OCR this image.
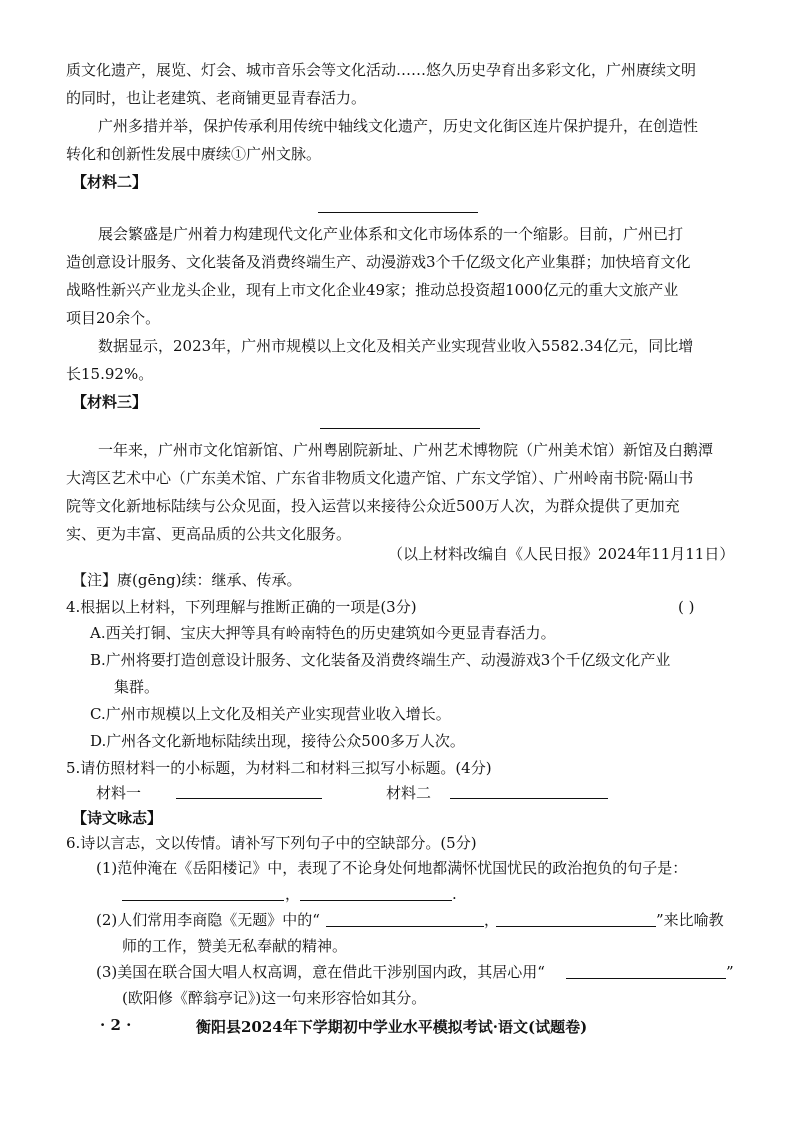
质文化遗产，展览、灯会、城市音乐会等文化活动……悠久历史孕育出多彩文化，广州赓续文明
的同时，也让老建筑、老商铺更显青春活力。
广州多措并举，保护传承利用传统中轴线文化遗产，历史文化街区连片保护提升，在创造性
转化和创新性发展中赓续①广州文脉。
【材料二】
展会繁盛是广州着力构建现代文化产业体系和文化市场体系的一个缩影。目前，广州已打
造创意设计服务、文化装备及消费终端生产、动漫游戏3个千亿级文化产业集群；加快培育文化
战略性新兴产业龙头企业，现有上市文化企业49家；推动总投资超1000亿元的重大文旅产业
项目20余个。
数据显示，2023年，广州市规模以上文化及相关产业实现营业收入5582.34亿元，同比增
长15.92%。
【材料三】
一年来，广州市文化馆新馆、广州粤剧院新址、广州艺术博物院（广州美术馆）新馆及白鹅潭
大湾区艺术中心（广东美术馆、广东省非物质文化遗产馆、广东文学馆）、广州岭南书院·隔山书
院等文化新地标陆续与公众见面，投入运营以来接待公众近500万人次，为群众提供了更加充
实、更为丰富、更高品质的公共文化服务。
（以上材料改编自《人民日报》2024年11月11日）
【注】赓(gēng)续：继承、传承。
4.根据以上材料，下列理解与推断正确的一项是(3分)	( )
A.西关打铜、宝庆大押等具有岭南特色的历史建筑如今更显青春活力。
B.广州将要打造创意设计服务、文化装备及消费终端生产、动漫游戏3个千亿级文化产业
集群。
C.广州市规模以上文化及相关产业实现营业收入增长。
D.广州各文化新地标陆续出现，接待公众500多万人次。
5.请仿照材料一的小标题，为材料二和材料三拟写小标题。(4分)
材料一	材料二
【诗文咏志】
6.诗以言志，文以传情。请补写下列句子中的空缺部分。(5分)
(1)范仲淹在《岳阳楼记》中，表现了不论身处何地都满怀忧国忧民的政治抱负的句子是：
，	.
(2)人们常用李商隐《无题》中的“	，	”来比喻教
师的工作，赞美无私奉献的精神。
(3)美国在联合国大唱人权高调，意在借此干涉别国内政，其居心用“	”
(欧阳修《醉翁亭记》)这一句来形容恰如其分。
· 2 ·	衡阳县2024年下学期初中学业水平模拟考试·语文(试题卷)
